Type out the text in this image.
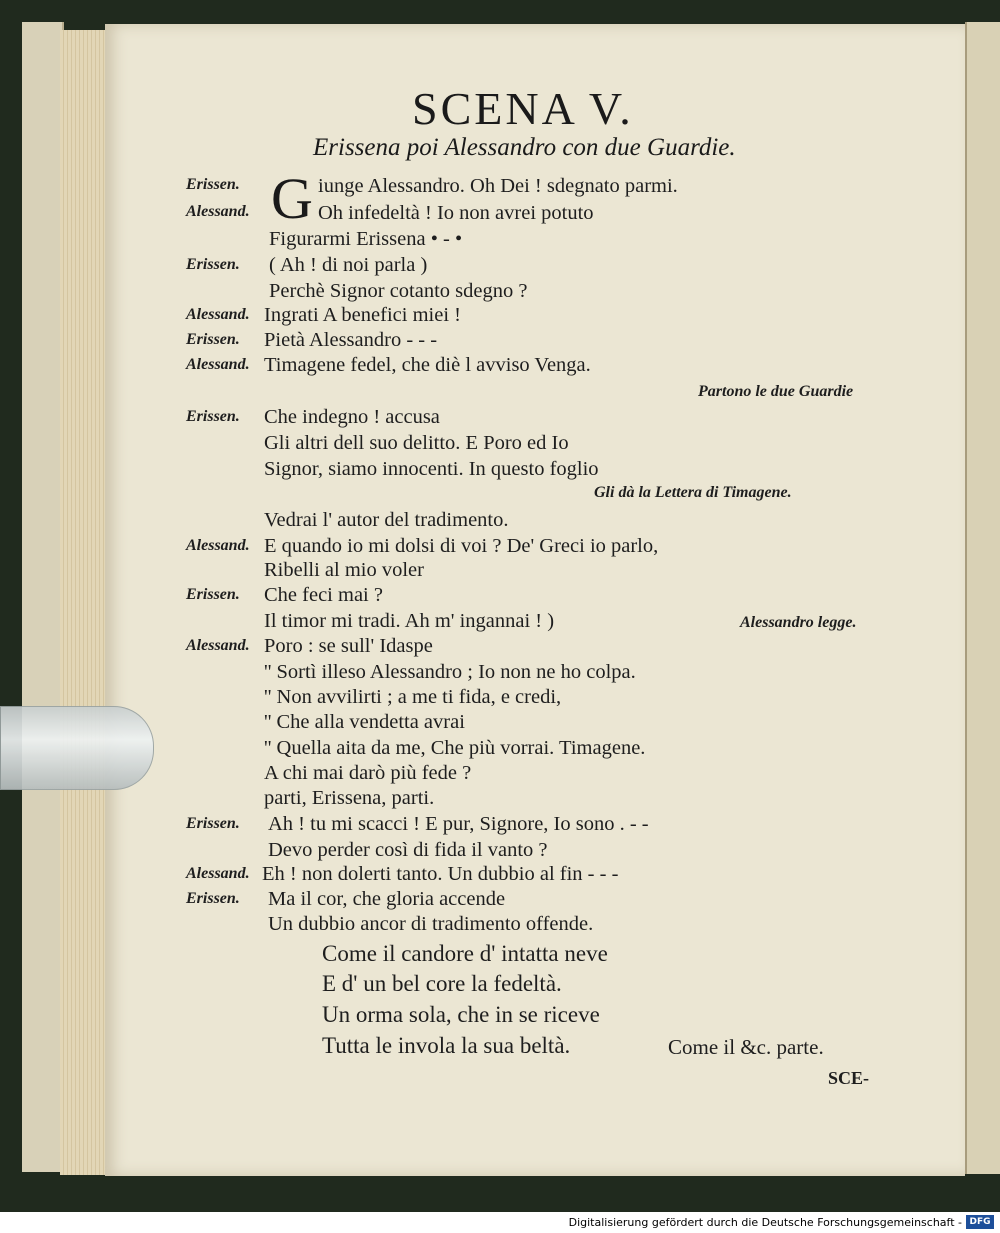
SCENA V.
Erissena poi Alessandro con due Guardie.
G
Erissen.	iunge Alessandro. Oh Dei ! sdegnato parmi.
Alessand.	Oh infedeltà ! Io non avrei potuto
Figurarmi Erissena • - •
Erissen. ( Ah ! di noi parla )
Perchè Signor cotanto sdegno ?
Alessand. Ingrati A benefici miei !
Erissen. Pietà Alessandro - - -
Alessand. Timagene fedel, che diè l avviso Venga.
Partono le due Guardie
Erissen. Che indegno ! accusa
Gli altri dell suo delitto. E Poro ed Io
Signor, siamo innocenti. In questo foglio
Gli dà la Lettera di Timagene.
Vedrai l' autor del tradimento.
Alessand. E quando io mi dolsi di voi ? De' Greci io parlo,
Ribelli al mio voler
Erissen. Che feci mai ?
Il timor mi tradi. Ah m' ingannai ! )	Alessandro legge.
Alessand. Poro : se sull' Idaspe
'' Sortì illeso Alessandro ; Io non ne ho colpa.
'' Non avvilirti ; a me ti fida, e credi,
'' Che alla vendetta avrai
'' Quella aita da me, Che più vorrai. Timagene.
A chi mai darò più fede ?
parti, Erissena, parti.
Erissen. Ah ! tu mi scacci ! E pur, Signore, Io sono . - -
Devo perder così di fida il vanto ?
Alessand. Eh ! non dolerti tanto. Un dubbio al fin - - -
Erissen. Ma il cor, che gloria accende
Un dubbio ancor di tradimento offende.
Come il candore d' intatta neve
E d' un bel core la fedeltà.
Un orma sola, che in se riceve
Tutta le invola la sua beltà.	Come il &c. parte.
SCE-
Digitalisierung gefördert durch die Deutsche Forschungsgemeinschaft - DFG
